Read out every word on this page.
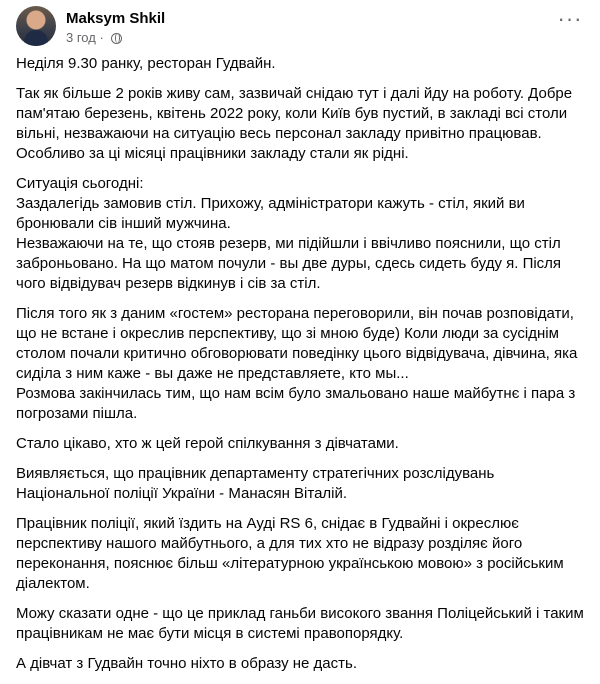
Maksym Shkil
3 год ·
···

Неділя 9.30 ранку, ресторан Гудвайн.

Так як більше 2 років живу сам, зазвичай снідаю тут і далі йду на роботу. Добре пам'ятаю березень, квітень 2022 року, коли Київ був пустий, в закладі всі столи вільні, незважаючи на ситуацію весь персонал закладу привітно працював. Особливо за ці місяці працівники закладу стали як рідні.

Ситуація сьогодні:

Заздалегідь замовив стіл. Прихожу, адміністратори кажуть - стіл, який ви бронювали сів інший мужчина.

Незважаючи на те, що стояв резерв, ми підійшли і ввічливо пояснили, що стіл заброньовано. На що матом почули - вы две дуры, сдесь сидеть буду я. Після чого відвідувач резерв відкинув і сів за стіл.

Після того як з даним «гостем» ресторана переговорили, він почав розповідати, що не встане і окреслив перспективу, що зі мною буде) Коли люди за сусіднім столом почали критично обговорювати поведінку цього відвідувача, дівчина, яка сиділа з ним каже - вы даже не представляете, кто мы...

Розмова закінчилась тим, що нам всім було змальовано наше майбутнє і пара з погрозами пішла.

Стало цікаво, хто ж цей герой спілкування з дівчатами.

Виявляється, що працівник департаменту стратегічних розслідувань Національної поліції України - Манасян Віталій.

Працівник поліції, який їздить на Ауді RS 6, снідає в Гудвайні і окреслює перспективу нашого майбутнього, а для тих хто не відразу розділяє його переконання, пояснює більш «літературною українською мовою» з російським діалектом.

Можу сказати одне - що це приклад ганьби високого звання Поліцейський і таким працівникам не має бути місця в системі правопорядку.

А дівчат з Гудвайн точно ніхто в образу не дасть.
